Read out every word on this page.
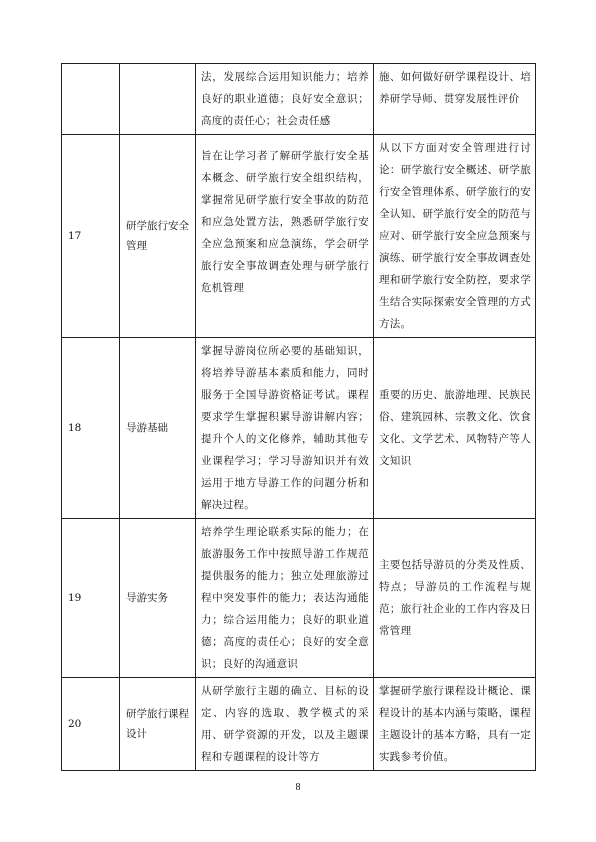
		法，发展综合运用知识能力；培养良好的职业道德；良好安全意识；高度的责任心；社会责任感	施、如何做好研学课程设计、培养研学导师、贯穿发展性评价

17	研学旅行安全管理	旨在让学习者了解研学旅行安全基本概念、研学旅行安全组织结构，掌握常见研学旅行安全事故的防范和应急处置方法，熟悉研学旅行安全应急预案和应急演练，学会研学旅行安全事故调查处理与研学旅行危机管理	从以下方面对安全管理进行讨论：研学旅行安全概述、研学旅行安全管理体系、研学旅行的安全认知、研学旅行安全的防范与应对、研学旅行安全应急预案与演练、研学旅行安全事故调查处理和研学旅行安全防控，要求学生结合实际探索安全管理的方式方法。

18	导游基础	掌握导游岗位所必要的基础知识，将培养导游基本素质和能力，同时服务于全国导游资格证考试。课程要求学生掌握积累导游讲解内容；提升个人的文化修养，辅助其他专业课程学习；学习导游知识并有效运用于地方导游工作的问题分析和解决过程。	重要的历史、旅游地理、民族民俗、建筑园林、宗教文化、饮食文化、文学艺术、风物特产等人文知识

19	导游实务	培养学生理论联系实际的能力；在旅游服务工作中按照导游工作规范提供服务的能力；独立处理旅游过程中突发事件的能力；表达沟通能力；综合运用能力；良好的职业道德；高度的责任心；良好的安全意识；良好的沟通意识	主要包括导游员的分类及性质、特点；导游员的工作流程与规范；旅行社企业的工作内容及日常管理

20	研学旅行课程设计	从研学旅行主题的确立、目标的设定、内容的选取、教学模式的采用、研学资源的开发，以及主题课程和专题课程的设计等方	掌握研学旅行课程设计概论、课程设计的基本内涵与策略，课程主题设计的基本方略，具有一定实践参考价值。
8
